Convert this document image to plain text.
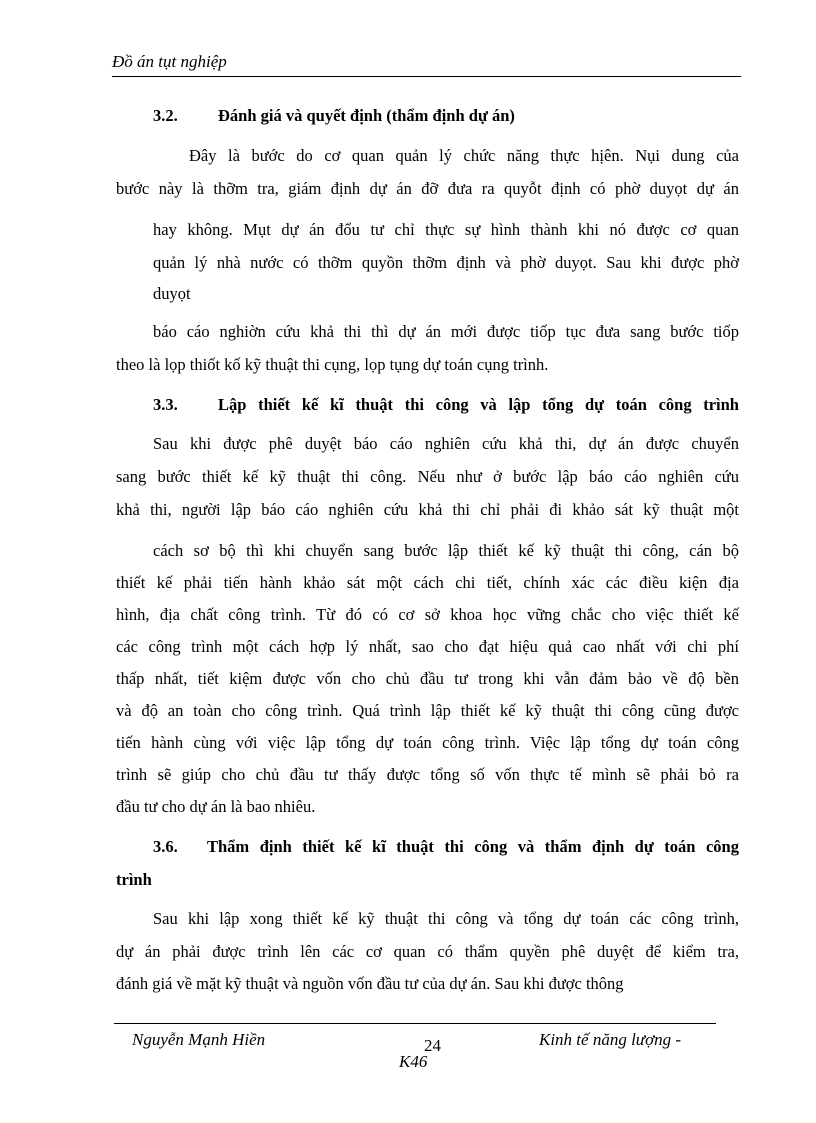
Đồ án tụt nghiệp
3.2. Đánh giá và quyết định (thẩm định dự án)
Đây là bước do cơ quan quản lý chức năng thực hịên. Nụi dung của
bước này là thỡm tra, giám định dự án đỡ đưa ra quyỗt định có phờ duyọt dự án
hay không. Mụt dự án đổu tư chỉ thực sự hình thành khi nó được cơ quan
quản lý nhà nước có thỡm quyồn thỡm định và phờ duyọt. Sau khi được phờ
duyọt
báo cáo nghiờn cứu khả thi thì dự án mới được tiốp tục đưa sang bước tiốp
theo là lọp thiốt kố kỹ thuật thi cụng, lọp tụng dự toán cụng trình.
3.3. Lập thiết kế kĩ thuật thi công và lập tổng dự toán công trình
Sau khi được phê duyệt báo cáo nghiên cứu khả thi, dự án được chuyển
sang bước thiết kế kỹ thuật thi công. Nếu như ở bước lập báo cáo nghiên cứu
khả thi, người lập báo cáo nghiên cứu khả thi chỉ phải đi khảo sát kỹ thuật một
cách sơ bộ thì khi chuyển sang bước lập thiết kế kỹ thuật thi công, cán bộ
thiết kế phải tiến hành khảo sát một cách chi tiết, chính xác các điều kiện địa
hình, địa chất công trình. Từ đó có cơ sở khoa học vững chắc cho việc thiết kế
các công trình một cách hợp lý nhất, sao cho đạt hiệu quả cao nhất với chi phí
thấp nhất, tiết kiệm được vốn cho chủ đầu tư trong khi vẫn đảm bảo về độ bền
và độ an toàn cho công trình. Quá trình lập thiết kế kỹ thuật thi công cũng được
tiến hành cùng với việc lập tổng dự toán công trình. Việc lập tổng dự toán công
trình sẽ giúp cho chủ đầu tư thấy được tổng số vốn thực tế mình sẽ phải bỏ ra
đầu tư cho dự án là bao nhiêu.
3.6. Thẩm định thiết kế kĩ thuật thi công và thẩm định dự toán công
trình
Sau khi lập xong thiết kế kỹ thuật thi công và tổng dự toán các công trình,
dự án phải được trình lên các cơ quan có thẩm quyền phê duyệt để kiểm tra,
đánh giá về mặt kỹ thuật và nguồn vốn đầu tư của dự án. Sau khi được thông
Nguyễn Mạnh Hiền	24	Kinh tế năng lượng -
K46
